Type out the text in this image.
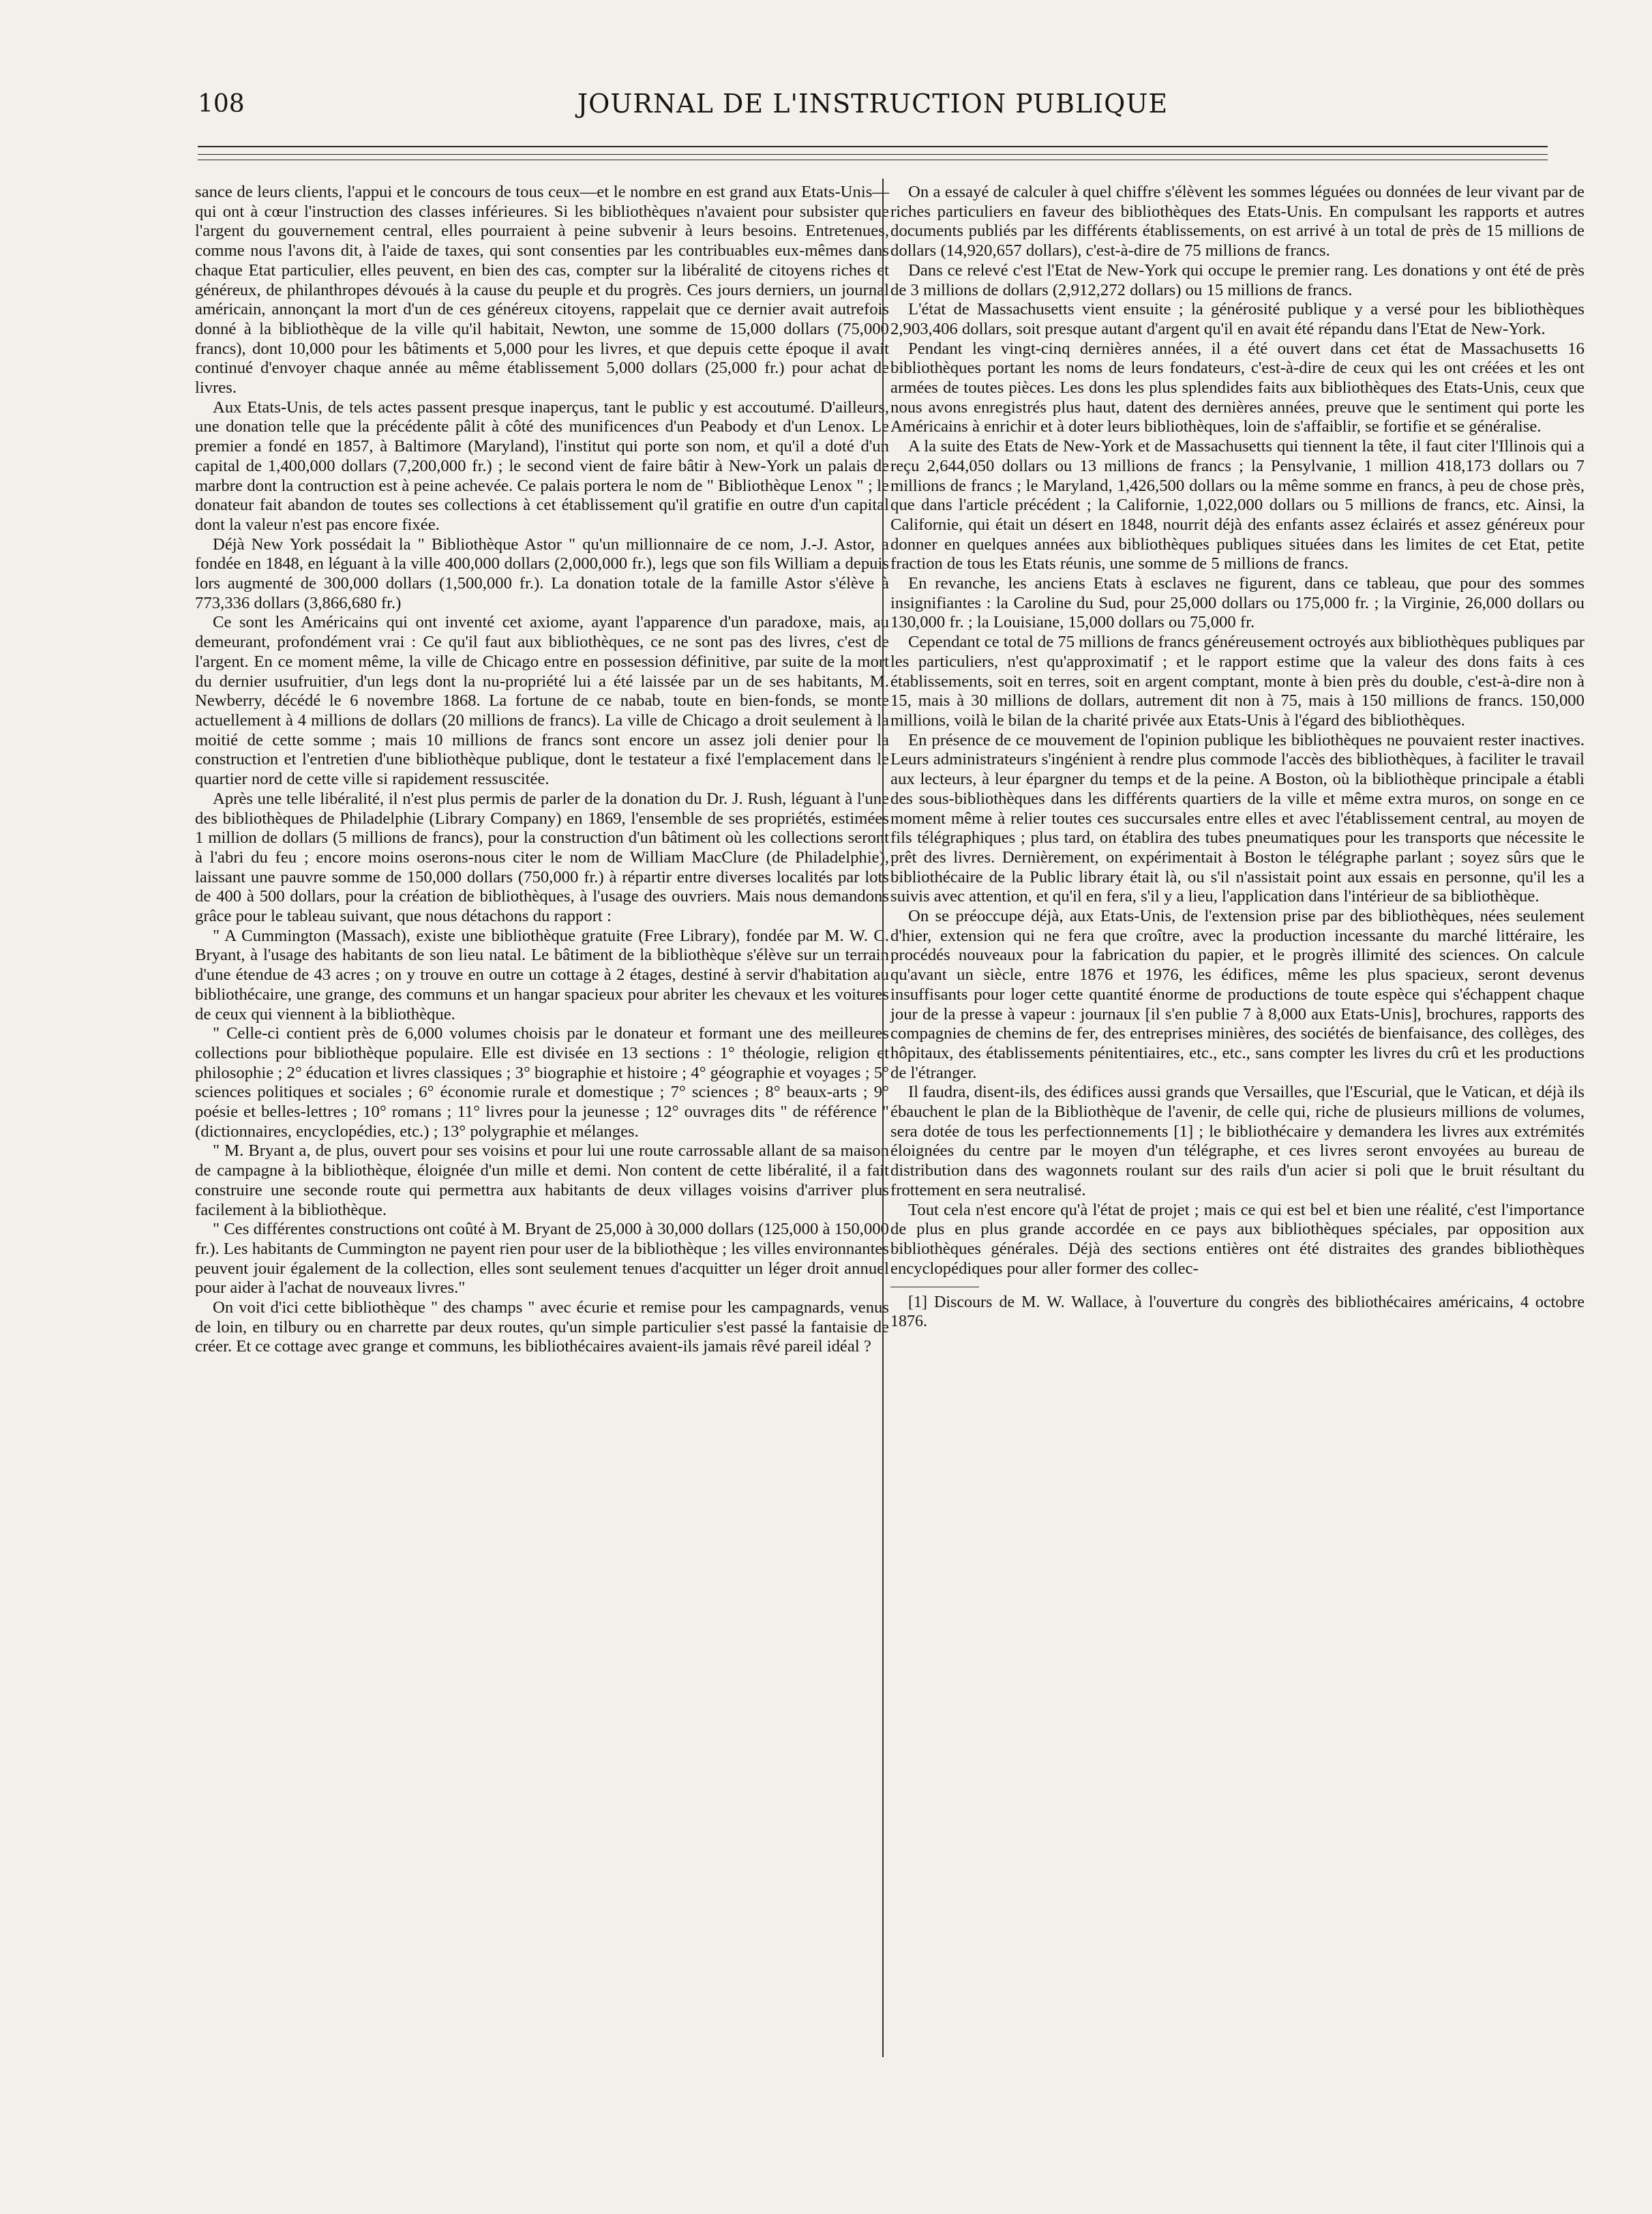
108	JOURNAL DE L'INSTRUCTION PUBLIQUE

sance de leurs clients, l'appui et le concours de tous ceux—et le nombre en est grand aux Etats-Unis—qui ont à cœur l'instruction des classes inférieures. Si les bibliothèques n'avaient pour subsister que l'argent du gouvernement central, elles pourraient à peine subvenir à leurs besoins. Entretenues, comme nous l'avons dit, à l'aide de taxes, qui sont consenties par les contribuables eux-mêmes dans chaque Etat particulier, elles peuvent, en bien des cas, compter sur la libéralité de citoyens riches et généreux, de philanthropes dévoués à la cause du peuple et du progrès. Ces jours derniers, un journal américain, annonçant la mort d'un de ces généreux citoyens, rappelait que ce dernier avait autrefois donné à la bibliothèque de la ville qu'il habitait, Newton, une somme de 15,000 dollars (75,000 francs), dont 10,000 pour les bâtiments et 5,000 pour les livres, et que depuis cette époque il avait continué d'envoyer chaque année au même établissement 5,000 dollars (25,000 fr.) pour achat de livres.

Aux Etats-Unis, de tels actes passent presque inaperçus, tant le public y est accoutumé. D'ailleurs, une donation telle que la précédente pâlit à côté des munificences d'un Peabody et d'un Lenox. Le premier a fondé en 1857, à Baltimore (Maryland), l'institut qui porte son nom, et qu'il a doté d'un capital de 1,400,000 dollars (7,200,000 fr.) ; le second vient de faire bâtir à New-York un palais de marbre dont la contruction est à peine achevée. Ce palais portera le nom de " Bibliothèque Lenox " ; le donateur fait abandon de toutes ses collections à cet établissement qu'il gratifie en outre d'un capital dont la valeur n'est pas encore fixée.

Déjà New York possédait la " Bibliothèque Astor " qu'un millionnaire de ce nom, J.-J. Astor, a fondée en 1848, en léguant à la ville 400,000 dollars (2,000,000 fr.), legs que son fils William a depuis lors augmenté de 300,000 dollars (1,500,000 fr.). La donation totale de la famille Astor s'élève à 773,336 dollars (3,866,680 fr.)

Ce sont les Américains qui ont inventé cet axiome, ayant l'apparence d'un paradoxe, mais, au demeurant, profondément vrai : Ce qu'il faut aux bibliothèques, ce ne sont pas des livres, c'est de l'argent. En ce moment même, la ville de Chicago entre en possession définitive, par suite de la mort du dernier usufruitier, d'un legs dont la nu-propriété lui a été laissée par un de ses habitants, M. Newberry, décédé le 6 novembre 1868. La fortune de ce nabab, toute en bien-fonds, se monte actuellement à 4 millions de dollars (20 millions de francs). La ville de Chicago a droit seulement à la moitié de cette somme ; mais 10 millions de francs sont encore un assez joli denier pour la construction et l'entretien d'une bibliothèque publique, dont le testateur a fixé l'emplacement dans le quartier nord de cette ville si rapidement ressuscitée.

Après une telle libéralité, il n'est plus permis de parler de la donation du Dr. J. Rush, léguant à l'une des bibliothèques de Philadelphie (Library Company) en 1869, l'ensemble de ses propriétés, estimées 1 million de dollars (5 millions de francs), pour la construction d'un bâtiment où les collections seront à l'abri du feu ; encore moins oserons-nous citer le nom de William MacClure (de Philadelphie), laissant une pauvre somme de 150,000 dollars (750,000 fr.) à répartir entre diverses localités par lots de 400 à 500 dollars, pour la création de bibliothèques, à l'usage des ouvriers. Mais nous demandons grâce pour le tableau suivant, que nous détachons du rapport :

" A Cummington (Massach), existe une bibliothèque gratuite (Free Library), fondée par M. W. C. Bryant, à l'usage des habitants de son lieu natal. Le bâtiment de la bibliothèque s'élève sur un terrain d'une étendue de 43 acres ; on y trouve en outre un cottage à 2 étages, destiné à servir d'habitation au bibliothécaire, une grange, des communs et un hangar spacieux pour abriter les chevaux et les voitures de ceux qui viennent à la bibliothèque.

" Celle-ci contient près de 6,000 volumes choisis par le donateur et formant une des meilleures collections pour bibliothèque populaire. Elle est divisée en 13 sections : 1° théologie, religion et philosophie ; 2° éducation et livres classiques ; 3° biographie et histoire ; 4° géographie et voyages ; 5° sciences politiques et sociales ; 6° économie rurale et domestique ; 7° sciences ; 8° beaux-arts ; 9° poésie et belles-lettres ; 10° romans ; 11° livres pour la jeunesse ; 12° ouvrages dits " de référence " (dictionnaires, encyclopédies, etc.) ; 13° polygraphie et mélanges.

" M. Bryant a, de plus, ouvert pour ses voisins et pour lui une route carrossable allant de sa maison de campagne à la bibliothèque, éloignée d'un mille et demi. Non content de cette libéralité, il a fait construire une seconde route qui permettra aux habitants de deux villages voisins d'arriver plus facilement à la bibliothèque.

" Ces différentes constructions ont coûté à M. Bryant de 25,000 à 30,000 dollars (125,000 à 150,000 fr.). Les habitants de Cummington ne payent rien pour user de la bibliothèque ; les villes environnantes peuvent jouir également de la collection, elles sont seulement tenues d'acquitter un léger droit annuel pour aider à l'achat de nouveaux livres."

On voit d'ici cette bibliothèque " des champs " avec écurie et remise pour les campagnards, venus de loin, en tilbury ou en charrette par deux routes, qu'un simple particulier s'est passé la fantaisie de créer. Et ce cottage avec grange et communs, les bibliothécaires avaient-ils jamais rêvé pareil idéal ?

On a essayé de calculer à quel chiffre s'élèvent les sommes léguées ou données de leur vivant par de riches particuliers en faveur des bibliothèques des Etats-Unis. En compulsant les rapports et autres documents publiés par les différents établissements, on est arrivé à un total de près de 15 millions de dollars (14,920,657 dollars), c'est-à-dire de 75 millions de francs.

Dans ce relevé c'est l'Etat de New-York qui occupe le premier rang. Les donations y ont été de près de 3 millions de dollars (2,912,272 dollars) ou 15 millions de francs.

L'état de Massachusetts vient ensuite ; la générosité publique y a versé pour les bibliothèques 2,903,406 dollars, soit presque autant d'argent qu'il en avait été répandu dans l'Etat de New-York.

Pendant les vingt-cinq dernières années, il a été ouvert dans cet état de Massachusetts 16 bibliothèques portant les noms de leurs fondateurs, c'est-à-dire de ceux qui les ont créées et les ont armées de toutes pièces. Les dons les plus splendides faits aux bibliothèques des Etats-Unis, ceux que nous avons enregistrés plus haut, datent des dernières années, preuve que le sentiment qui porte les Américains à enrichir et à doter leurs bibliothèques, loin de s'affaiblir, se fortifie et se généralise.

A la suite des Etats de New-York et de Massachusetts qui tiennent la tête, il faut citer l'Illinois qui a reçu 2,644,050 dollars ou 13 millions de francs ; la Pensylvanie, 1 million 418,173 dollars ou 7 millions de francs ; le Maryland, 1,426,500 dollars ou la même somme en francs, à peu de chose près, que dans l'article précédent ; la Californie, 1,022,000 dollars ou 5 millions de francs, etc. Ainsi, la Californie, qui était un désert en 1848, nourrit déjà des enfants assez éclairés et assez généreux pour donner en quelques années aux bibliothèques publiques situées dans les limites de cet Etat, petite fraction de tous les Etats réunis, une somme de 5 millions de francs.

En revanche, les anciens Etats à esclaves ne figurent, dans ce tableau, que pour des sommes insignifiantes : la Caroline du Sud, pour 25,000 dollars ou 175,000 fr. ; la Virginie, 26,000 dollars ou 130,000 fr. ; la Louisiane, 15,000 dollars ou 75,000 fr.

Cependant ce total de 75 millions de francs généreusement octroyés aux bibliothèques publiques par les particuliers, n'est qu'approximatif ; et le rapport estime que la valeur des dons faits à ces établissements, soit en terres, soit en argent comptant, monte à bien près du double, c'est-à-dire non à 15, mais à 30 millions de dollars, autrement dit non à 75, mais à 150 millions de francs. 150,000 millions, voilà le bilan de la charité privée aux Etats-Unis à l'égard des bibliothèques.

En présence de ce mouvement de l'opinion publique les bibliothèques ne pouvaient rester inactives. Leurs administrateurs s'ingénient à rendre plus commode l'accès des bibliothèques, à faciliter le travail aux lecteurs, à leur épargner du temps et de la peine. A Boston, où la bibliothèque principale a établi des sous-bibliothèques dans les différents quartiers de la ville et même extra muros, on songe en ce moment même à relier toutes ces succursales entre elles et avec l'établissement central, au moyen de fils télégraphiques ; plus tard, on établira des tubes pneumatiques pour les transports que nécessite le prêt des livres. Dernièrement, on expérimentait à Boston le télégraphe parlant ; soyez sûrs que le bibliothécaire de la Public library était là, ou s'il n'assistait point aux essais en personne, qu'il les a suivis avec attention, et qu'il en fera, s'il y a lieu, l'application dans l'intérieur de sa bibliothèque.

On se préoccupe déjà, aux Etats-Unis, de l'extension prise par des bibliothèques, nées seulement d'hier, extension qui ne fera que croître, avec la production incessante du marché littéraire, les procédés nouveaux pour la fabrication du papier, et le progrès illimité des sciences. On calcule qu'avant un siècle, entre 1876 et 1976, les édifices, même les plus spacieux, seront devenus insuffisants pour loger cette quantité énorme de productions de toute espèce qui s'échappent chaque jour de la presse à vapeur : journaux [il s'en publie 7 à 8,000 aux Etats-Unis], brochures, rapports des compagnies de chemins de fer, des entreprises minières, des sociétés de bienfaisance, des collèges, des hôpitaux, des établissements pénitentiaires, etc., etc., sans compter les livres du crû et les productions de l'étranger.

Il faudra, disent-ils, des édifices aussi grands que Versailles, que l'Escurial, que le Vatican, et déjà ils ébauchent le plan de la Bibliothèque de l'avenir, de celle qui, riche de plusieurs millions de volumes, sera dotée de tous les perfectionnements [1] ; le bibliothécaire y demandera les livres aux extrémités éloignées du centre par le moyen d'un télégraphe, et ces livres seront envoyées au bureau de distribution dans des wagonnets roulant sur des rails d'un acier si poli que le bruit résultant du frottement en sera neutralisé.

Tout cela n'est encore qu'à l'état de projet ; mais ce qui est bel et bien une réalité, c'est l'importance de plus en plus grande accordée en ce pays aux bibliothèques spéciales, par opposition aux bibliothèques générales. Déjà des sections entières ont été distraites des grandes bibliothèques encyclopédiques pour aller former des collec-

[1] Discours de M. W. Wallace, à l'ouverture du congrès des bibliothécaires américains, 4 octobre 1876.
